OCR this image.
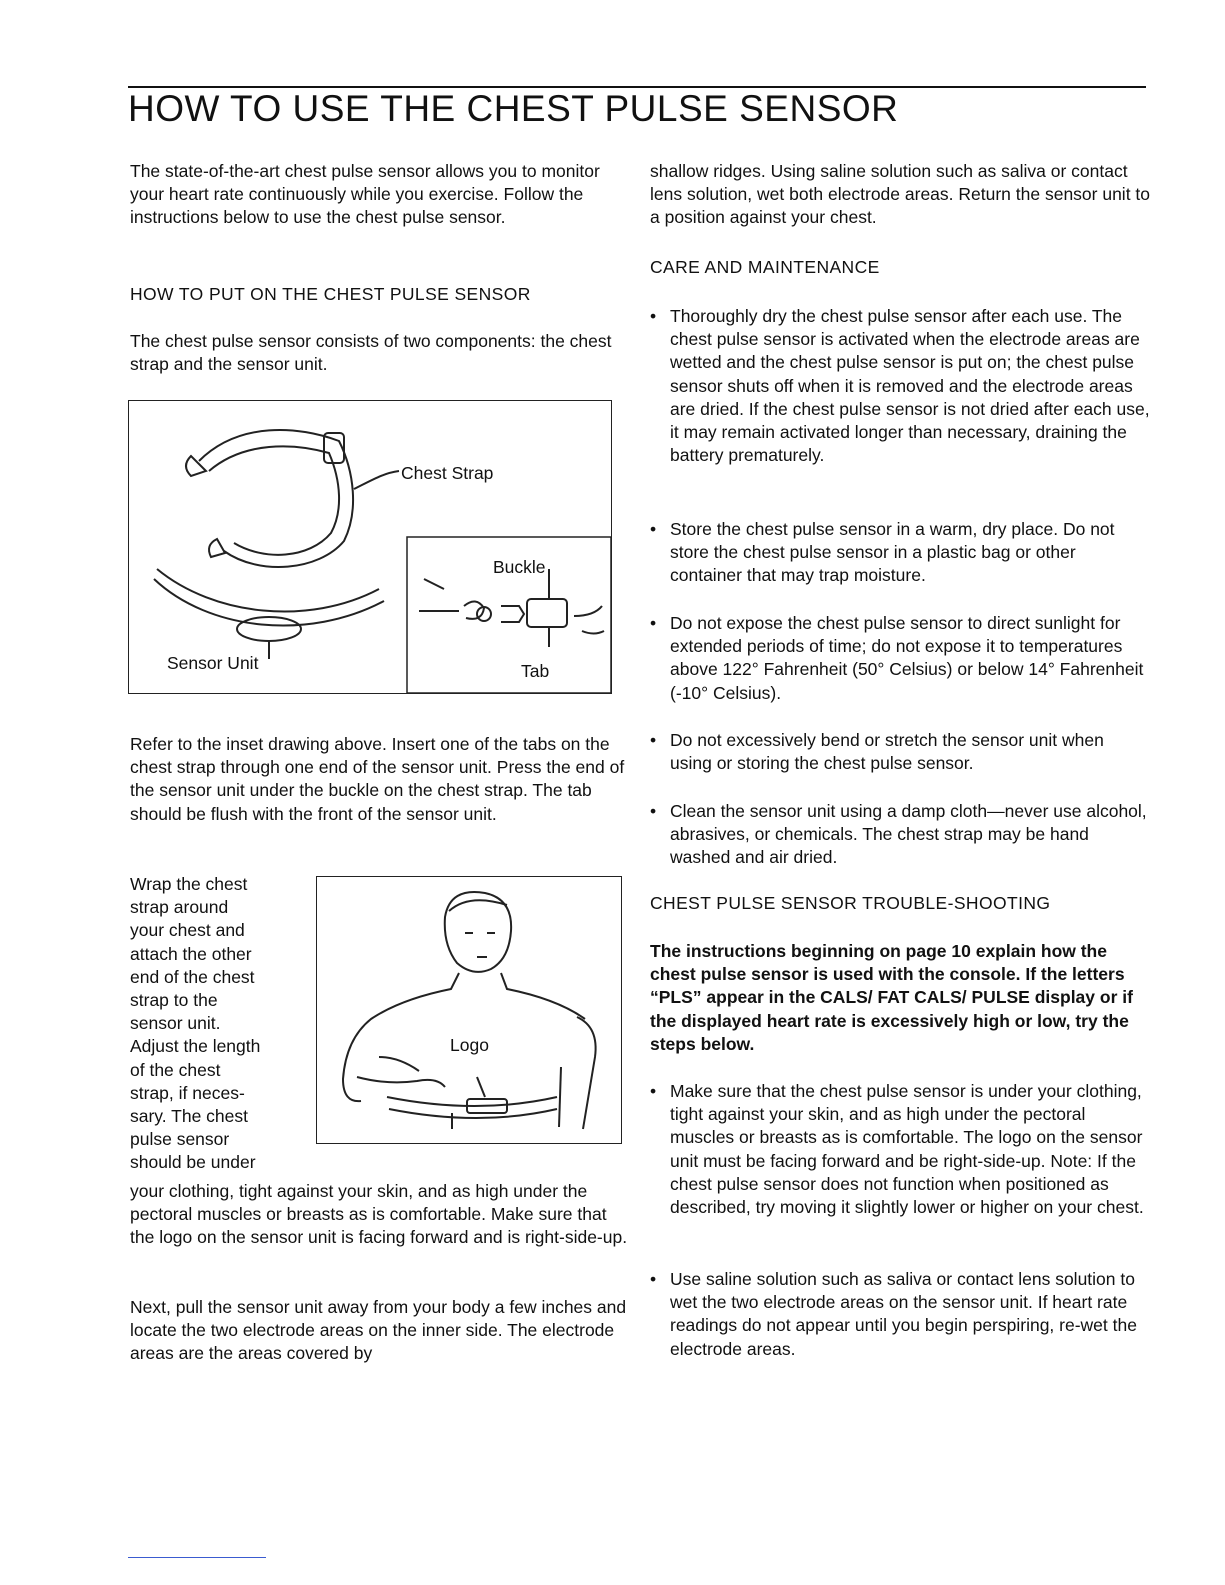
HOW TO USE THE CHEST PULSE SENSOR

The state-of-the-art chest pulse sensor allows you to monitor your heart rate continuously while you exercise. Follow the instructions below to use the chest pulse sensor.

HOW TO PUT ON THE CHEST PULSE SENSOR

The chest pulse sensor consists of two components: the chest strap and the sensor unit.

Chest Strap
Sensor Unit
Buckle
Tab

Refer to the inset drawing above. Insert one of the tabs on the chest strap through one end of the sensor unit. Press the end of the sensor unit under the buckle on the chest strap. The tab should be flush with the front of the sensor unit.

Wrap the chest
strap around
your chest and
attach the other
end of the chest
strap to the
sensor unit.
Adjust the length
of the chest
strap, if neces-
sary. The chest
pulse sensor
should be under
Logo

your clothing, tight against your skin, and as high under the pectoral muscles or breasts as is comfortable. Make sure that the logo on the sensor unit is facing forward and is right-side-up.

Next, pull the sensor unit away from your body a few inches and locate the two electrode areas on the inner side. The electrode areas are the areas covered by

shallow ridges. Using saline solution such as saliva or contact lens solution, wet both electrode areas. Return the sensor unit to a position against your chest.

CARE AND MAINTENANCE
• Thoroughly dry the chest pulse sensor after each use. The chest pulse sensor is activated when the electrode areas are wetted and the chest pulse sensor is put on; the chest pulse sensor shuts off when it is removed and the electrode areas are dried. If the chest pulse sensor is not dried after each use, it may remain activated longer than necessary, draining the battery prematurely.
• Store the chest pulse sensor in a warm, dry place. Do not store the chest pulse sensor in a plastic bag or other container that may trap moisture.
• Do not expose the chest pulse sensor to direct sunlight for extended periods of time; do not expose it to temperatures above 122° Fahrenheit (50° Celsius) or below 14° Fahrenheit (-10° Celsius).
• Do not excessively bend or stretch the sensor unit when using or storing the chest pulse sensor.
• Clean the sensor unit using a damp cloth—never use alcohol, abrasives, or chemicals. The chest strap may be hand washed and air dried.
CHEST PULSE SENSOR TROUBLE-SHOOTING

The instructions beginning on page 10 explain how the chest pulse sensor is used with the console. If the letters “PLS” appear in the CALS/ FAT CALS/ PULSE display or if the displayed heart rate is excessively high or low, try the steps below.

• Make sure that the chest pulse sensor is under your clothing, tight against your skin, and as high under the pectoral muscles or breasts as is comfortable. The logo on the sensor unit must be facing forward and be right-side-up. Note: If the chest pulse sensor does not function when positioned as described, try moving it slightly lower or higher on your chest.
• Use saline solution such as saliva or contact lens solution to wet the two electrode areas on the sensor unit. If heart rate readings do not appear until you begin perspiring, re-wet the electrode areas.
